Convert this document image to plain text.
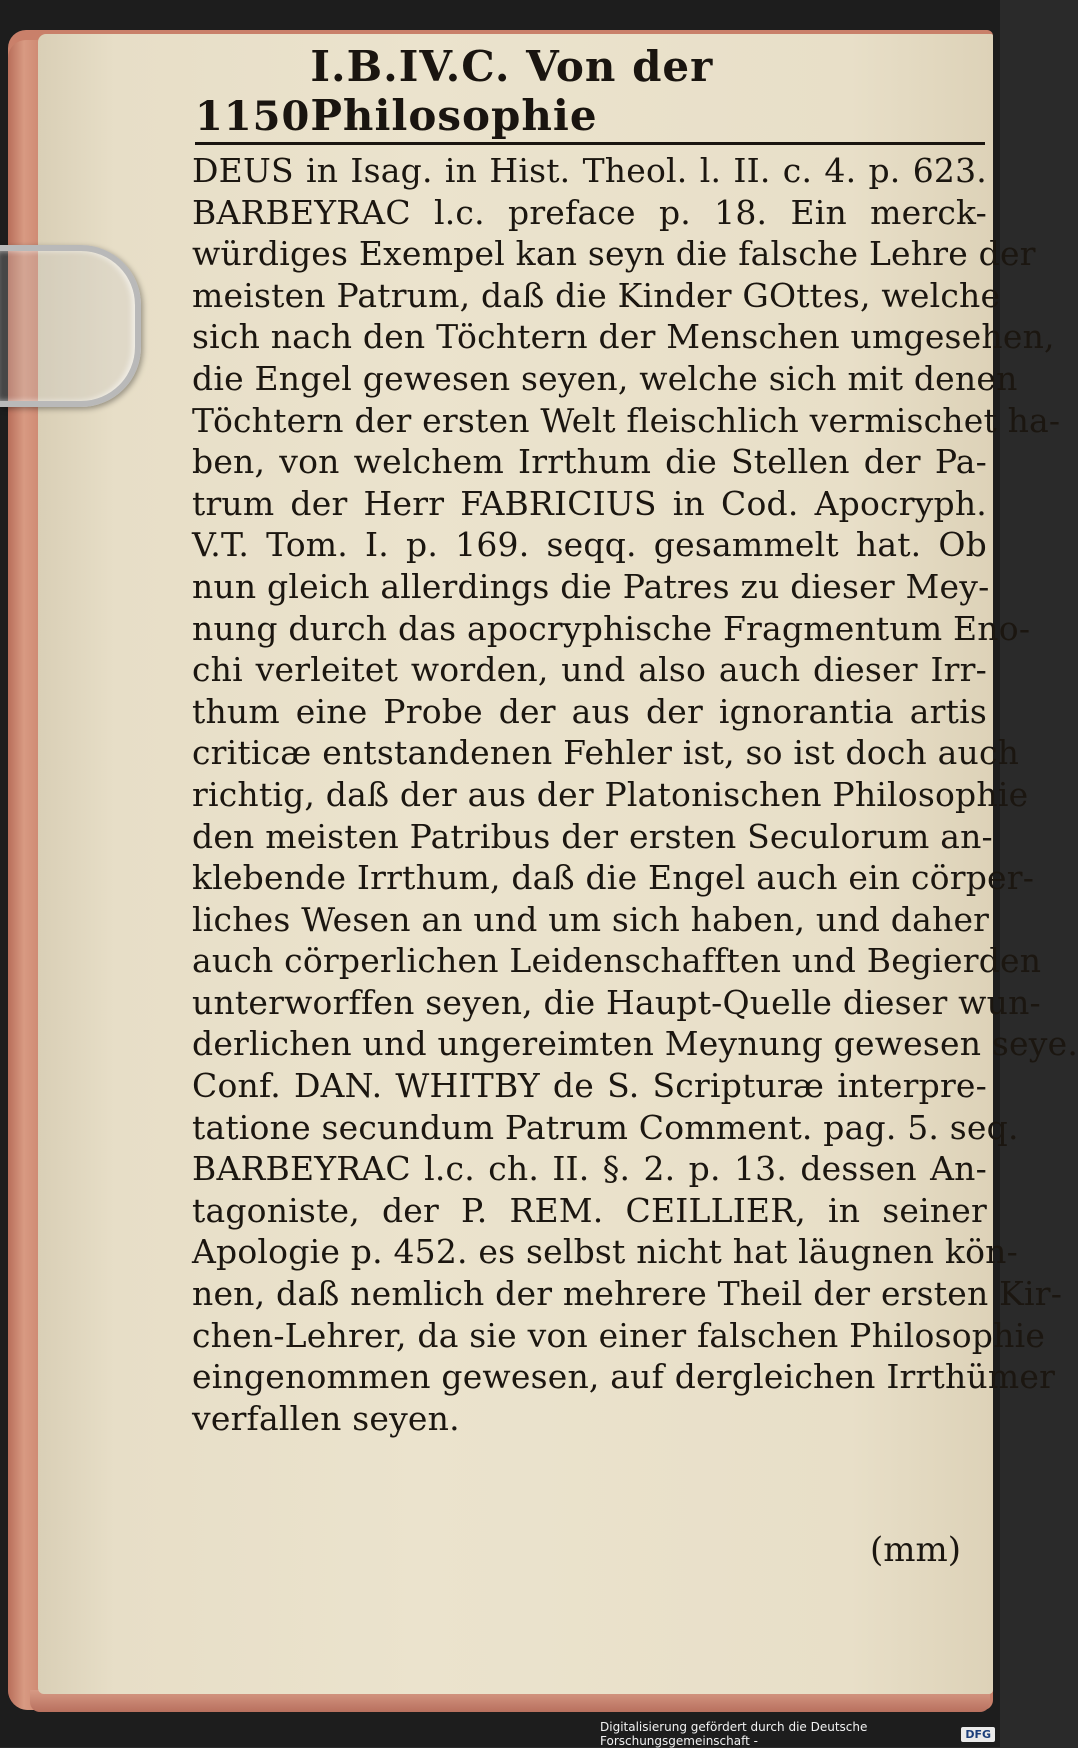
1150
I.B.IV.C. Von der Philosophie
DEUS in Isag. in Hist. Theol. l. II. c. 4. p. 623.
BARBEYRAC l.c. preface p. 18. Ein merck-
würdiges Exempel kan seyn die falsche Lehre der
meisten Patrum, daß die Kinder GOttes, welche
sich nach den Töchtern der Menschen umgesehen,
die Engel gewesen seyen, welche sich mit denen
Töchtern der ersten Welt fleischlich vermischet ha-
ben, von welchem Irrthum die Stellen der Pa-
trum der Herr FABRICIUS in Cod. Apocryph.
V.T. Tom. I. p. 169. seqq. gesammelt hat. Ob
nun gleich allerdings die Patres zu dieser Mey-
nung durch das apocryphische Fragmentum Eno-
chi verleitet worden, und also auch dieser Irr-
thum eine Probe der aus der ignorantia artis
criticæ entstandenen Fehler ist, so ist doch auch
richtig, daß der aus der Platonischen Philosophie
den meisten Patribus der ersten Seculorum an-
klebende Irrthum, daß die Engel auch ein cörper-
liches Wesen an und um sich haben, und daher
auch cörperlichen Leidenschafften und Begierden
unterworffen seyen, die Haupt-Quelle dieser wun-
derlichen und ungereimten Meynung gewesen seye.
Conf. DAN. WHITBY de S. Scripturæ interpre-
tatione secundum Patrum Comment. pag. 5. seq.
BARBEYRAC l.c. ch. II. §. 2. p. 13. dessen An-
tagoniste, der P. REM. CEILLIER, in seiner
Apologie p. 452. es selbst nicht hat läugnen kön-
nen, daß nemlich der mehrere Theil der ersten Kir-
chen-Lehrer, da sie von einer falschen Philosophie
eingenommen gewesen, auf dergleichen Irrthümer
verfallen seyen.
(mm)
Digitalisierung gefördert durch die Deutsche Forschungsgemeinschaft -	DFG
